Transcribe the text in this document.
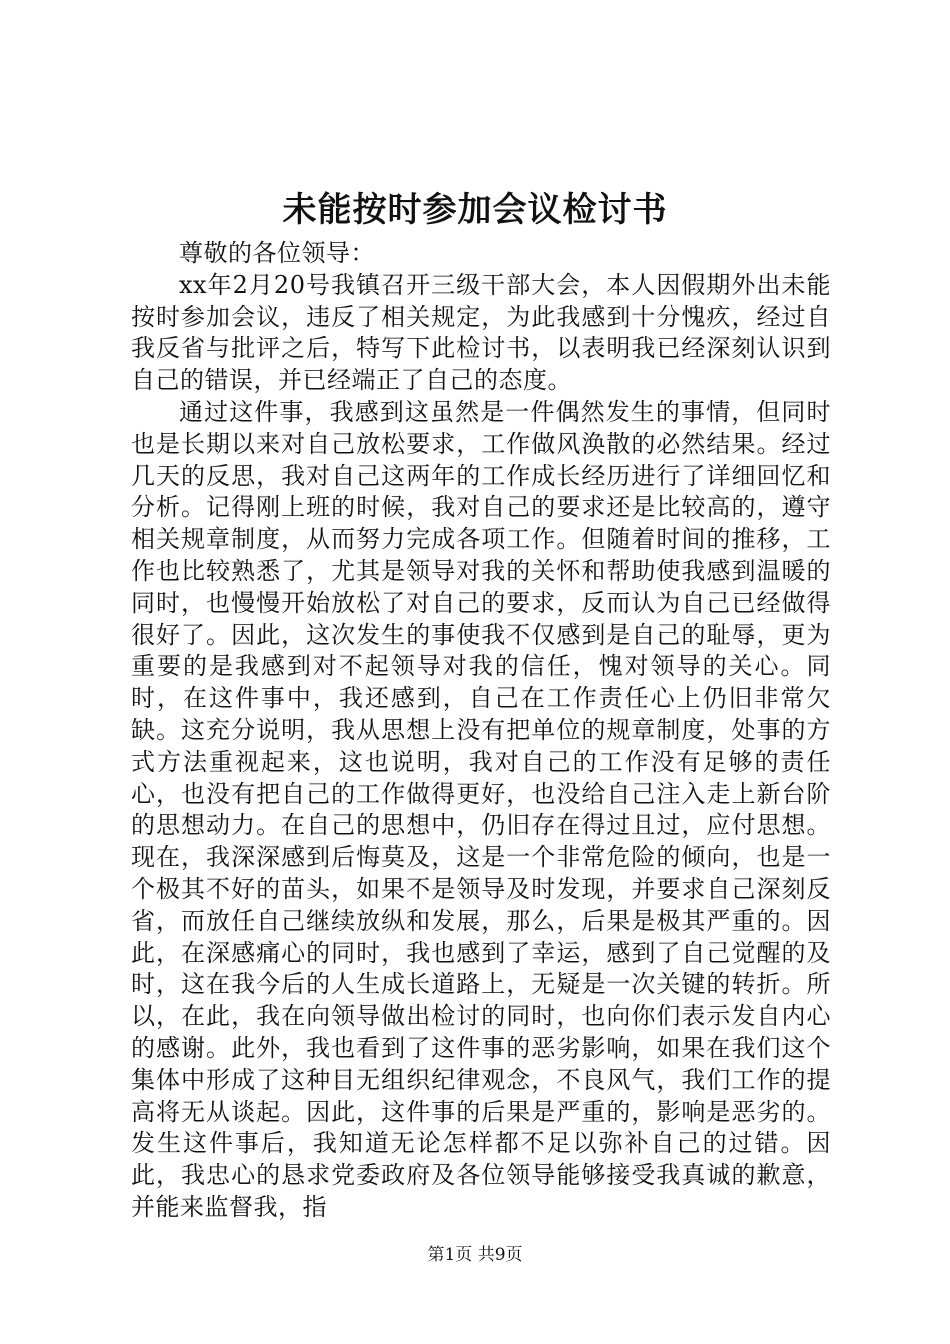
未能按时参加会议检讨书

尊敬的各位领导：

xx年2月20号我镇召开三级干部大会，本人因假期外出未能按时参加会议，违反了相关规定，为此我感到十分愧疚，经过自我反省与批评之后，特写下此检讨书，以表明我已经深刻认识到自己的错误，并已经端正了自己的态度。

通过这件事，我感到这虽然是一件偶然发生的事情，但同时也是长期以来对自己放松要求，工作做风涣散的必然结果。经过几天的反思，我对自己这两年的工作成长经历进行了详细回忆和分析。记得刚上班的时候，我对自己的要求还是比较高的，遵守相关规章制度，从而努力完成各项工作。但随着时间的推移，工作也比较熟悉了，尤其是领导对我的关怀和帮助使我感到温暖的同时，也慢慢开始放松了对自己的要求，反而认为自己已经做得很好了。因此，这次发生的事使我不仅感到是自己的耻辱，更为重要的是我感到对不起领导对我的信任，愧对领导的关心。同时，在这件事中，我还感到，自己在工作责任心上仍旧非常欠缺。这充分说明，我从思想上没有把单位的规章制度，处事的方式方法重视起来，这也说明，我对自己的工作没有足够的责任心，也没有把自己的工作做得更好，也没给自己注入走上新台阶的思想动力。在自己的思想中，仍旧存在得过且过，应付思想。现在，我深深感到后悔莫及，这是一个非常危险的倾向，也是一个极其不好的苗头，如果不是领导及时发现，并要求自己深刻反省，而放任自己继续放纵和发展，那么，后果是极其严重的。因此，在深感痛心的同时，我也感到了幸运，感到了自己觉醒的及时，这在我今后的人生成长道路上，无疑是一次关键的转折。所以，在此，我在向领导做出检讨的同时，也向你们表示发自内心的感谢。此外，我也看到了这件事的恶劣影响，如果在我们这个集体中形成了这种目无组织纪律观念，不良风气，我们工作的提高将无从谈起。因此，这件事的后果是严重的，影响是恶劣的。发生这件事后，我知道无论怎样都不足以弥补自己的过错。因此，我忠心的恳求党委政府及各位领导能够接受我真诚的歉意，并能来监督我，指

第1页 共9页
